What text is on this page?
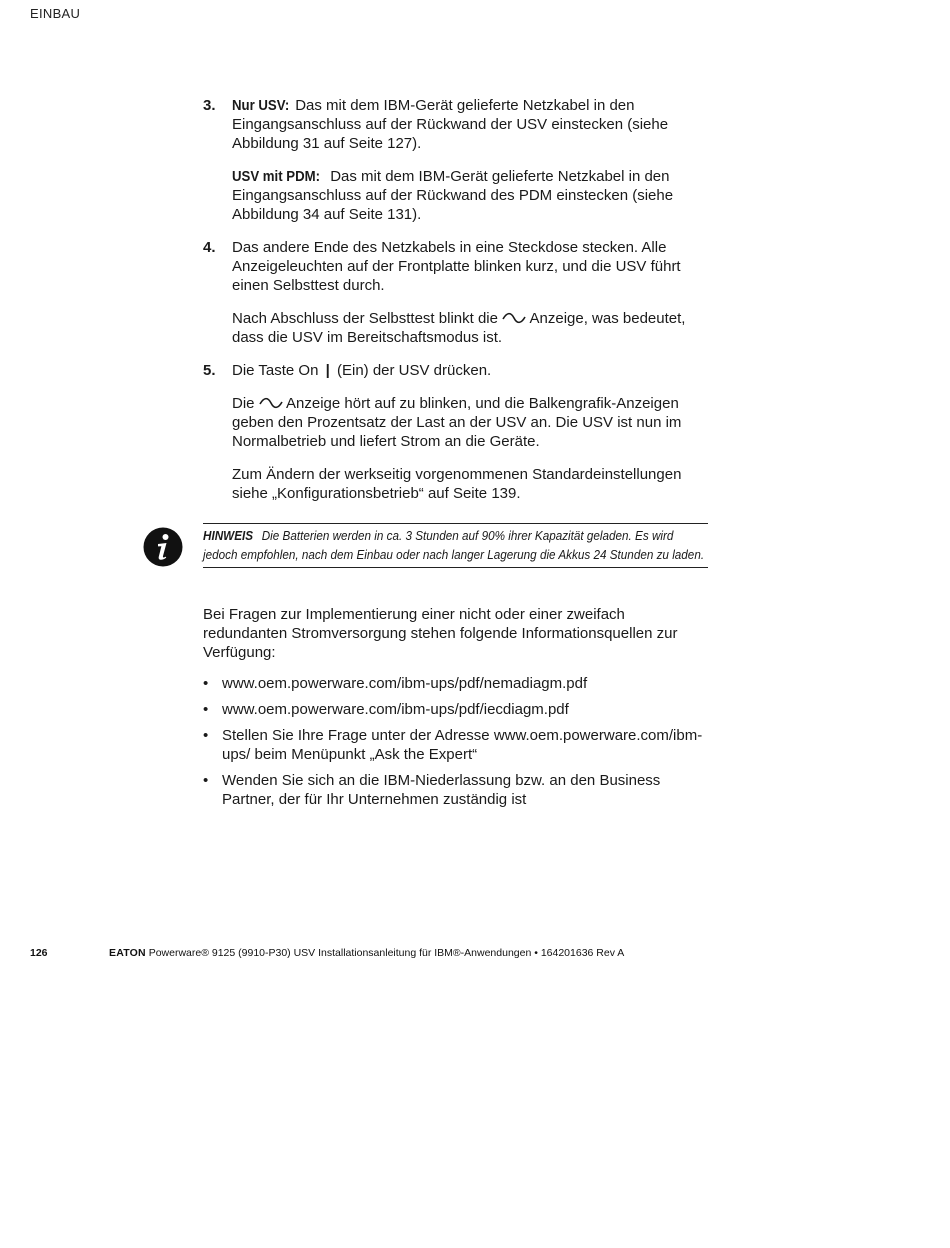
EINBAU
3. Nur USV: Das mit dem IBM-Gerät gelieferte Netzkabel in den Eingangsanschluss auf der Rückwand der USV einstecken (siehe Abbildung 31 auf Seite 127).

USV mit PDM: Das mit dem IBM-Gerät gelieferte Netzkabel in den Eingangsanschluss auf der Rückwand des PDM einstecken (siehe Abbildung 34 auf Seite 131).

4. Das andere Ende des Netzkabels in eine Steckdose stecken. Alle Anzeigeleuchten auf der Frontplatte blinken kurz, und die USV führt einen Selbsttest durch.

Nach Abschluss der Selbsttest blinkt die Anzeige, was bedeutet, dass die USV im Bereitschaftsmodus ist.

5. Die Taste On | (Ein) der USV drücken.

Die Anzeige hört auf zu blinken, und die Balkengrafik-Anzeigen geben den Prozentsatz der Last an der USV an. Die USV ist nun im Normalbetrieb und liefert Strom an die Geräte.

Zum Ändern der werkseitig vorgenommenen Standardeinstellungen siehe „Konfigurationsbetrieb“ auf Seite 139.

HINWEIS Die Batterien werden in ca. 3 Stunden auf 90% ihrer Kapazität geladen. Es wird jedoch empfohlen, nach dem Einbau oder nach langer Lagerung die Akkus 24 Stunden zu laden.

Bei Fragen zur Implementierung einer nicht oder einer zweifach redundanten Stromversorgung stehen folgende Informationsquellen zur Verfügung:

• www.oem.powerware.com/ibm-ups/pdf/nemadiagm.pdf
• www.oem.powerware.com/ibm-ups/pdf/iecdiagm.pdf
• Stellen Sie Ihre Frage unter der Adresse www.oem.powerware.com/ibm-ups/ beim Menüpunkt „Ask the Expert“
• Wenden Sie sich an die IBM-Niederlassung bzw. an den Business Partner, der für Ihr Unternehmen zuständig ist
126	EATON Powerware® 9125 (9910-P30) USV Installationsanleitung für IBM®-Anwendungen • 164201636 Rev A
